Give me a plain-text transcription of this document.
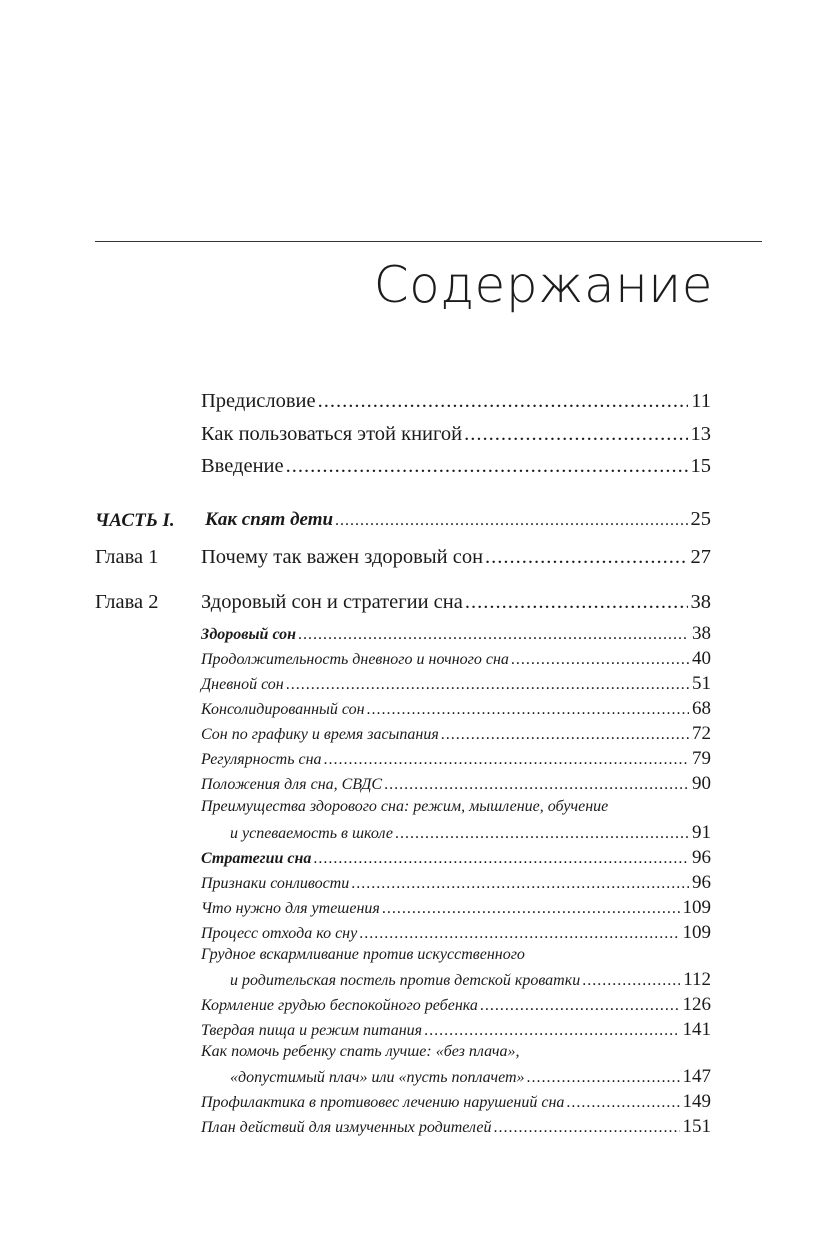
Содержание
Предисловие .....	11
Как пользоваться этой книгой .....	13
Введение .....	15
ЧАСТЬ I. Как спят дети .....	25
Глава 1 Почему так важен здоровый сон .....	27
Глава 2 Здоровый сон и стратегии сна .....	38
Здоровый сон .....	38
Продолжительность дневного и ночного сна .....	40
Дневной сон .....	51
Консолидированный сон .....	68
Сон по графику и время засыпания .....	72
Регулярность сна .....	79
Положения для сна, СВДС .....	90
Преимущества здорового сна: режим, мышление, обучение
и успеваемость в школе .....	91
Стратегии сна .....	96
Признаки сонливости .....	96
Что нужно для утешения .....	109
Процесс отхода ко сну .....	109
Грудное вскармливание против искусственного
и родительская постель против детской кроватки .....	112
Кормление грудью беспокойного ребенка .....	126
Твердая пища и режим питания .....	141
Как помочь ребенку спать лучше: «без плача»,
«допустимый плач» или «пусть поплачет» .....	147
Профилактика в противовес лечению нарушений сна .....	149
План действий для измученных родителей .....	151
